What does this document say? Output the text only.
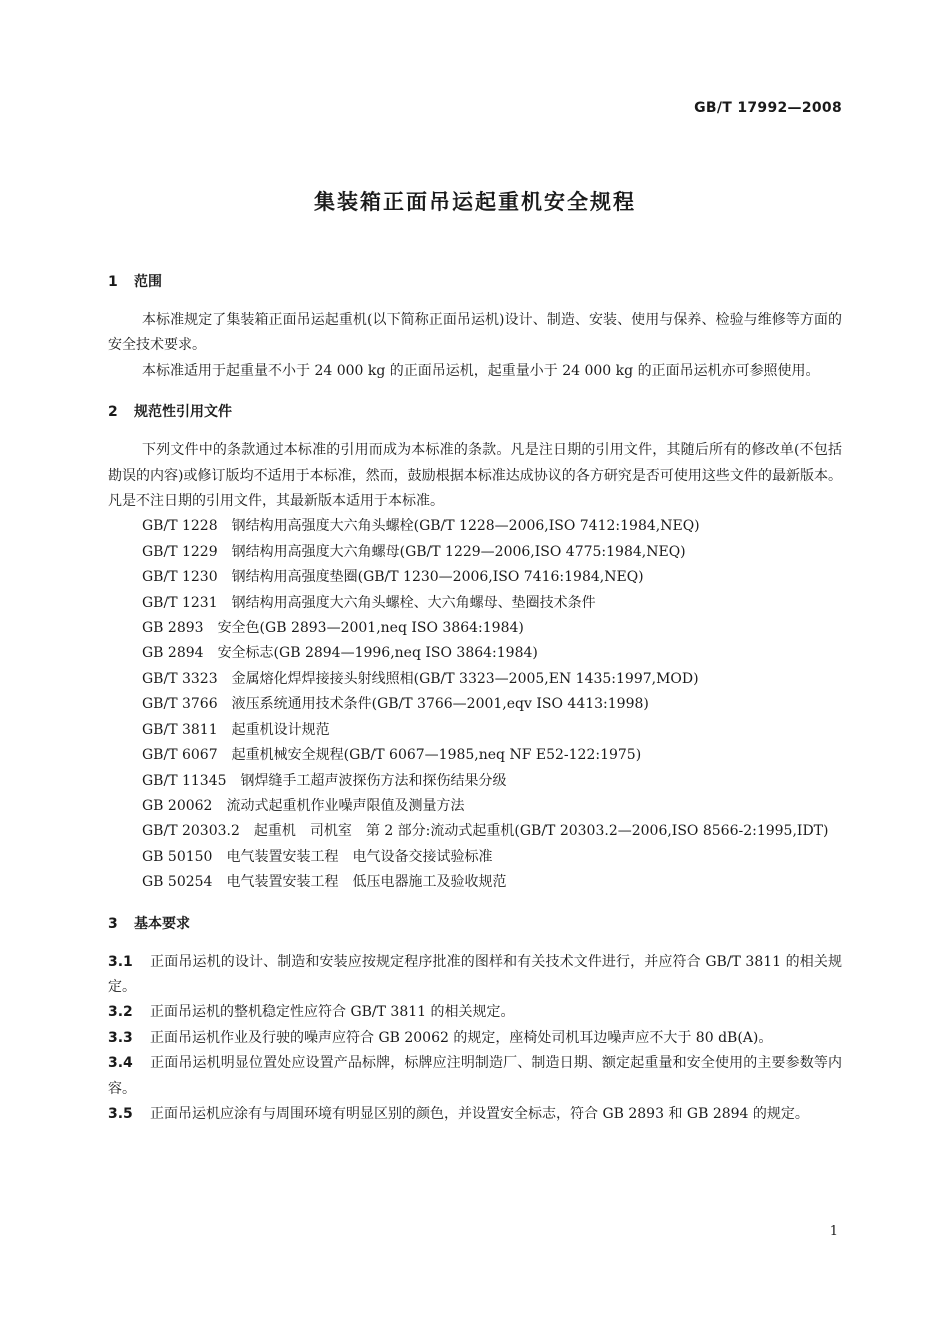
GB/T 17992—2008
集装箱正面吊运起重机安全规程
1 范围
本标准规定了集装箱正面吊运起重机(以下简称正面吊运机)设计、制造、安装、使用与保养、检验与维修等方面的安全技术要求。
本标准适用于起重量不小于 24 000 kg 的正面吊运机，起重量小于 24 000 kg 的正面吊运机亦可参照使用。
2 规范性引用文件
下列文件中的条款通过本标准的引用而成为本标准的条款。凡是注日期的引用文件，其随后所有的修改单(不包括勘误的内容)或修订版均不适用于本标准，然而，鼓励根据本标准达成协议的各方研究是否可使用这些文件的最新版本。凡是不注日期的引用文件，其最新版本适用于本标准。
GB/T 1228　 钢结构用高强度大六角头螺栓(GB/T 1228—2006,ISO 7412:1984,NEQ)
GB/T 1229　 钢结构用高强度大六角螺母(GB/T 1229—2006,ISO 4775:1984,NEQ)
GB/T 1230　 钢结构用高强度垫圈(GB/T 1230—2006,ISO 7416:1984,NEQ)
GB/T 1231　 钢结构用高强度大六角头螺栓、大六角螺母、垫圈技术条件
GB 2893　 安全色(GB 2893—2001,neq ISO 3864:1984)
GB 2894　 安全标志(GB 2894—1996,neq ISO 3864:1984)
GB/T 3323　 金属熔化焊焊接接头射线照相(GB/T 3323—2005,EN 1435:1997,MOD)
GB/T 3766　 液压系统通用技术条件(GB/T 3766—2001,eqv ISO 4413:1998)
GB/T 3811　 起重机设计规范
GB/T 6067　 起重机械安全规程(GB/T 6067—1985,neq NF E52-122:1975)
GB/T 11345　 钢焊缝手工超声波探伤方法和探伤结果分级
GB 20062　 流动式起重机作业噪声限值及测量方法
GB/T 20303.2　起重机　司机室　第 2 部分:流动式起重机(GB/T 20303.2—2006,ISO 8566-2:1995,IDT)
GB 50150　 电气装置安装工程　电气设备交接试验标准
GB 50254　 电气装置安装工程　低压电器施工及验收规范
3 基本要求
3.1 正面吊运机的设计、制造和安装应按规定程序批准的图样和有关技术文件进行，并应符合 GB/T 3811 的相关规定。
3.2 正面吊运机的整机稳定性应符合 GB/T 3811 的相关规定。
3.3 正面吊运机作业及行驶的噪声应符合 GB 20062 的规定，座椅处司机耳边噪声应不大于 80 dB(A)。
3.4 正面吊运机明显位置处应设置产品标牌，标牌应注明制造厂、制造日期、额定起重量和安全使用的主要参数等内容。
3.5 正面吊运机应涂有与周围环境有明显区别的颜色，并设置安全标志，符合 GB 2893 和 GB 2894 的规定。
1
